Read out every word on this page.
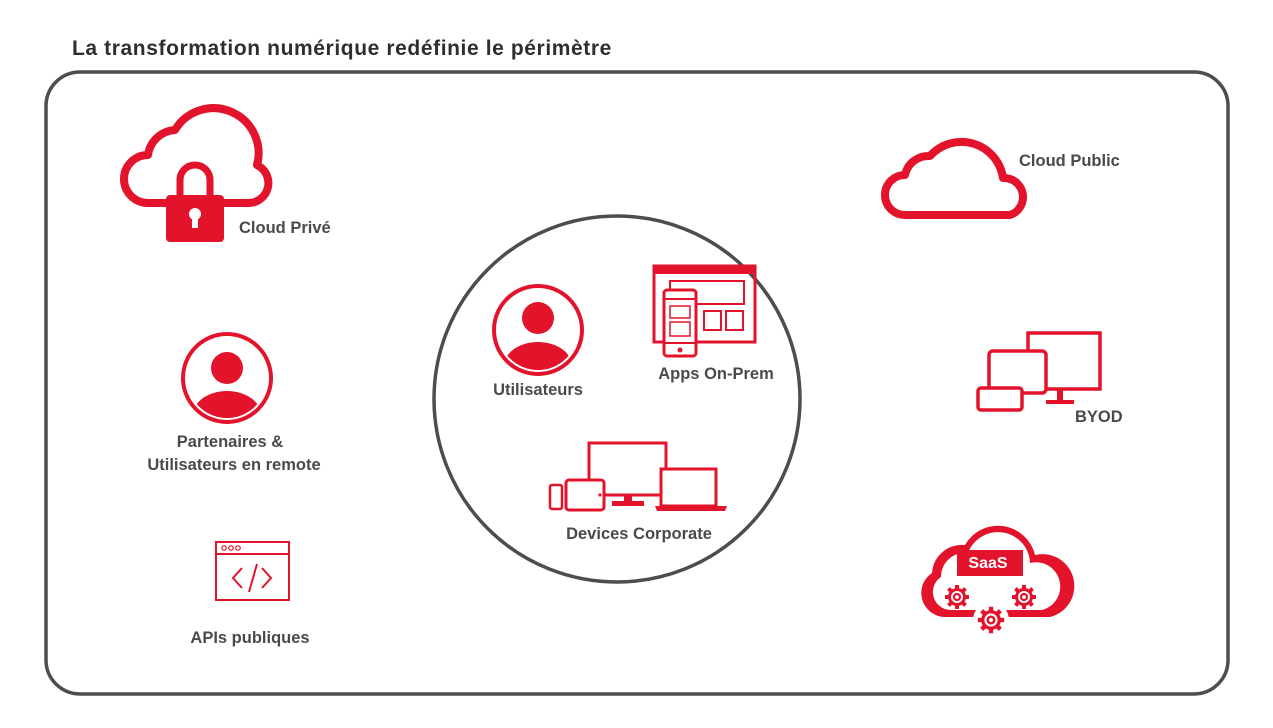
La transformation numérique redéfinie le périmètre
Cloud Privé
Cloud Public
Partenaires &
Utilisateurs en remote
APIs publiques
Utilisateurs
Apps On-Prem
Devices Corporate
BYOD
SaaS
